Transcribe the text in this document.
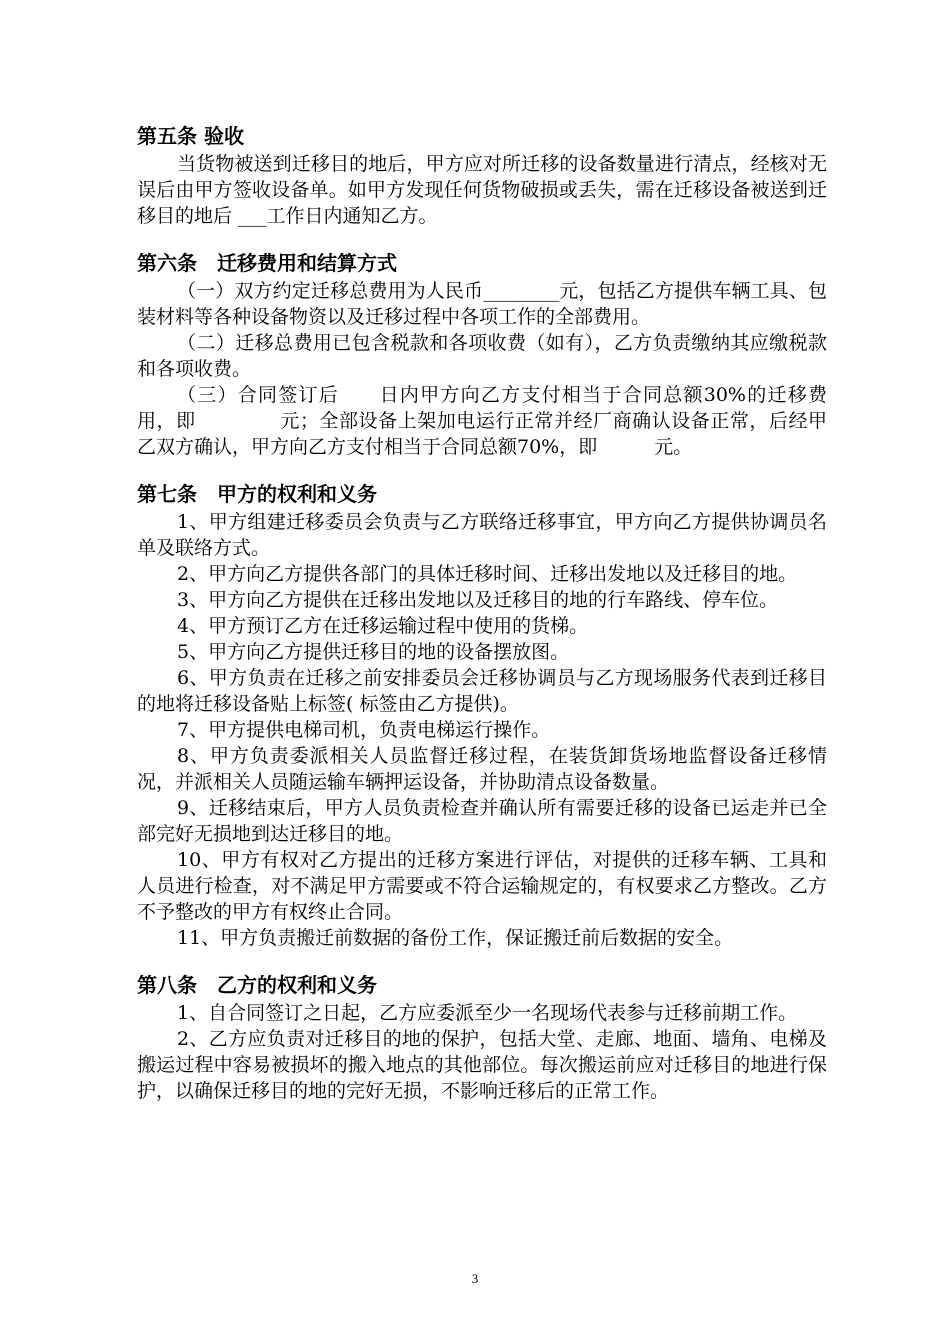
第五条 验收

当货物被送到迁移目的地后，甲方应对所迁移的设备数量进行清点，经核对无误后由甲方签收设备单。如甲方发现任何货物破损或丢失，需在迁移设备被送到迁移目的地后 ___工作日内通知乙方。

第六条　迁移费用和结算方式

（一）双方约定迁移总费用为人民币________元，包括乙方提供车辆工具、包装材料等各种设备物资以及迁移过程中各项工作的全部费用。

（二）迁移总费用已包含税款和各项收费（如有），乙方负责缴纳其应缴税款和各项收费。

（三）合同签订后　　日内甲方向乙方支付相当于合同总额30%的迁移费用，即　　　　 元；全部设备上架加电运行正常并经厂商确认设备正常，后经甲乙双方确认，甲方向乙方支付相当于合同总额70%，即　　　元。

第七条　甲方的权利和义务

1、甲方组建迁移委员会负责与乙方联络迁移事宜，甲方向乙方提供协调员名单及联络方式。

2、甲方向乙方提供各部门的具体迁移时间、迁移出发地以及迁移目的地。

3、甲方向乙方提供在迁移出发地以及迁移目的地的行车路线、停车位。

4、甲方预订乙方在迁移运输过程中使用的货梯。

5、甲方向乙方提供迁移目的地的设备摆放图。

6、甲方负责在迁移之前安排委员会迁移协调员与乙方现场服务代表到迁移目的地将迁移设备贴上标签( 标签由乙方提供)。

7、甲方提供电梯司机，负责电梯运行操作。

8、甲方负责委派相关人员监督迁移过程，在装货卸货场地监督设备迁移情况，并派相关人员随运输车辆押运设备，并协助清点设备数量。

9、迁移结束后，甲方人员负责检查并确认所有需要迁移的设备已运走并已全部完好无损地到达迁移目的地。

10、甲方有权对乙方提出的迁移方案进行评估，对提供的迁移车辆、工具和人员进行检查，对不满足甲方需要或不符合运输规定的，有权要求乙方整改。乙方不予整改的甲方有权终止合同。

11、甲方负责搬迁前数据的备份工作，保证搬迁前后数据的安全。

第八条　乙方的权利和义务

1、自合同签订之日起，乙方应委派至少一名现场代表参与迁移前期工作。

2、乙方应负责对迁移目的地的保护，包括大堂、走廊、地面、墙角、电梯及搬运过程中容易被损坏的搬入地点的其他部位。每次搬运前应对迁移目的地进行保护，以确保迁移目的地的完好无损，不影响迁移后的正常工作。

3
